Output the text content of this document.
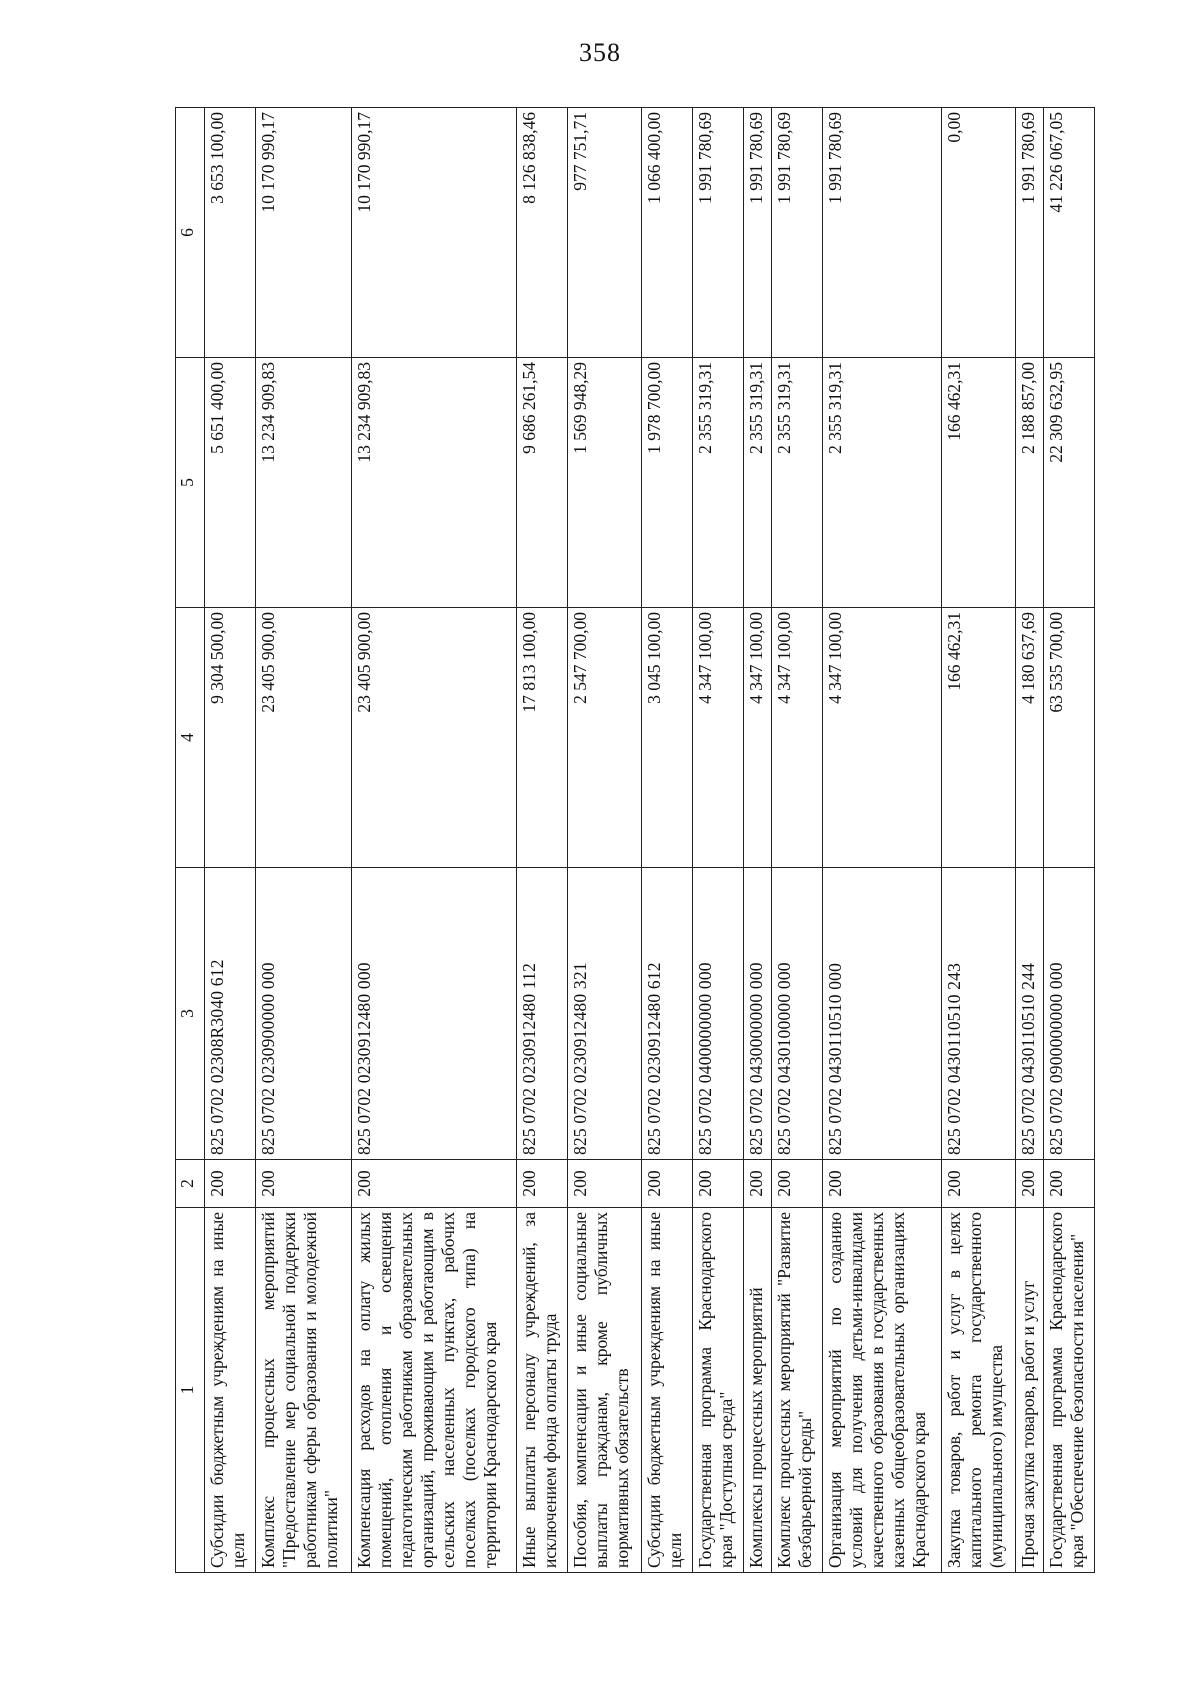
358
1	2	3	4	5	6
Субсидии бюджетным учреждениям на иные цели	200	825 0702 02308R3040 612	9 304 500,00	5 651 400,00	3 653 100,00
Комплекс процессных мероприятий "Предоставление мер социальной поддержки работникам сферы образования и молодежной политики"	200	825 0702 0230900000 000	23 405 900,00	13 234 909,83	10 170 990,17
Компенсация расходов на оплату жилых помещений, отопления и освещения педагогическим работникам образовательных организаций, проживающим и работающим в сельских населенных пунктах, рабочих поселках (поселках городского типа) на территории Краснодарского края	200	825 0702 0230912480 000	23 405 900,00	13 234 909,83	10 170 990,17
Иные выплаты персоналу учреждений, за исключением фонда оплаты труда	200	825 0702 0230912480 112	17 813 100,00	9 686 261,54	8 126 838,46
Пособия, компенсации и иные социальные выплаты гражданам, кроме публичных нормативных обязательств	200	825 0702 0230912480 321	2 547 700,00	1 569 948,29	977 751,71
Субсидии бюджетным учреждениям на иные цели	200	825 0702 0230912480 612	3 045 100,00	1 978 700,00	1 066 400,00
Государственная программа Краснодарского края "Доступная среда"	200	825 0702 0400000000 000	4 347 100,00	2 355 319,31	1 991 780,69
Комплексы процессных мероприятий	200	825 0702 0430000000 000	4 347 100,00	2 355 319,31	1 991 780,69
Комплекс процессных мероприятий "Развитие безбарьерной среды"	200	825 0702 0430100000 000	4 347 100,00	2 355 319,31	1 991 780,69
Организация мероприятий по созданию условий для получения детьми-инвалидами качественного образования в государственных казенных общеобразовательных организациях Краснодарского края	200	825 0702 0430110510 000	4 347 100,00	2 355 319,31	1 991 780,69
Закупка товаров, работ и услуг в целях капитального ремонта государственного (муниципального) имущества	200	825 0702 0430110510 243	166 462,31	166 462,31	0,00
Прочая закупка товаров, работ и услуг	200	825 0702 0430110510 244	4 180 637,69	2 188 857,00	1 991 780,69
Государственная программа Краснодарского края "Обеспечение безопасности населения"	200	825 0702 0900000000 000	63 535 700,00	22 309 632,95	41 226 067,05
